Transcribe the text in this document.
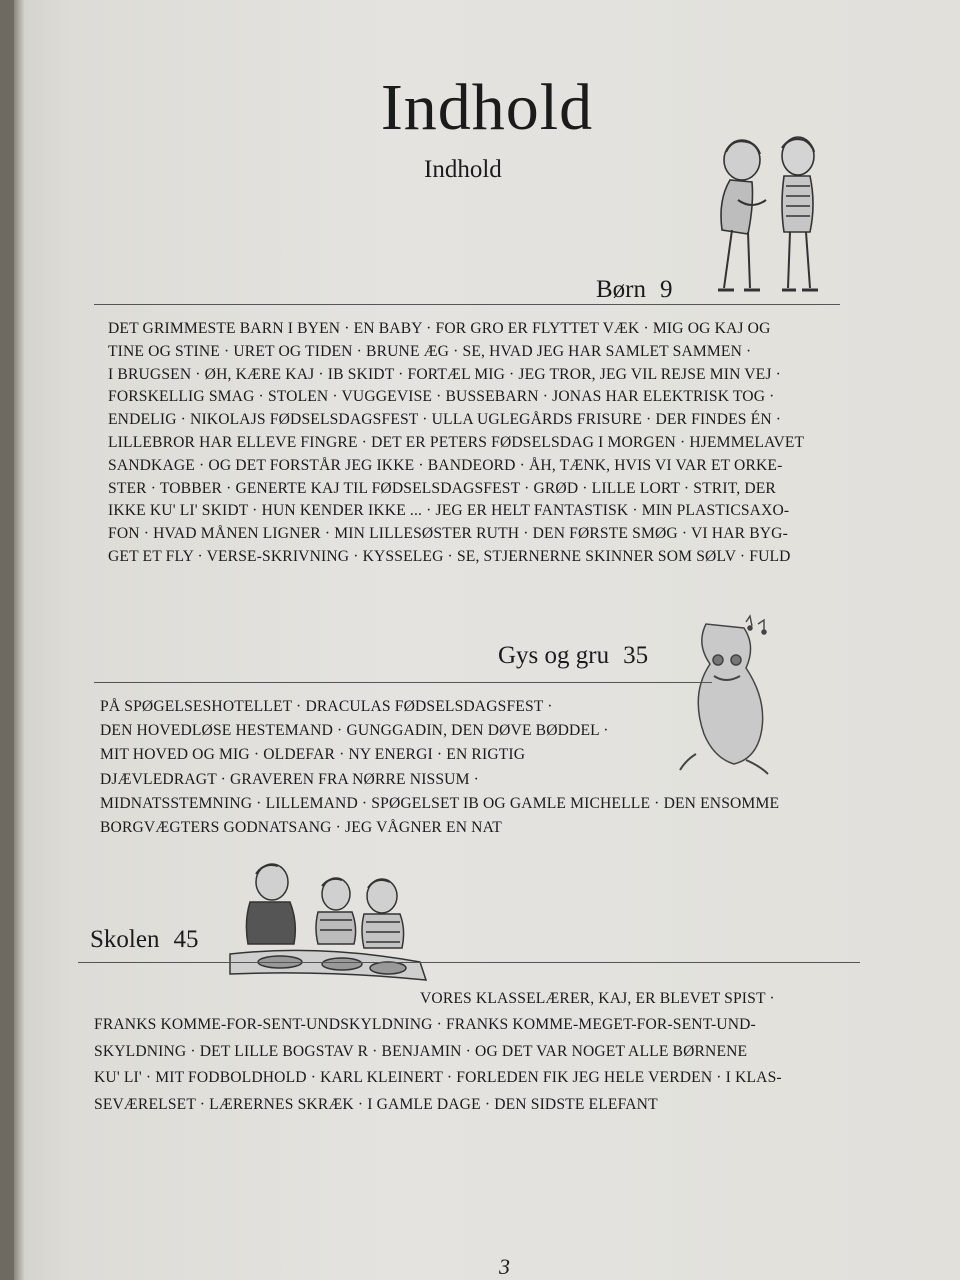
Indhold
Indhold
Børn 9
DET GRIMMESTE BARN I BYEN · EN BABY · FOR GRO ER FLYTTET VÆK · MIG OG KAJ OG
TINE OG STINE · URET OG TIDEN · BRUNE ÆG · SE, HVAD JEG HAR SAMLET SAMMEN ·
I BRUGSEN · ØH, KÆRE KAJ · IB SKIDT · FORTÆL MIG · JEG TROR, JEG VIL REJSE MIN VEJ ·
FORSKELLIG SMAG · STOLEN · VUGGEVISE · BUSSEBARN · JONAS HAR ELEKTRISK TOG ·
ENDELIG · NIKOLAJS FØDSELSDAGSFEST · ULLA UGLEGÅRDS FRISURE · DER FINDES ÉN ·
LILLEBROR HAR ELLEVE FINGRE · DET ER PETERS FØDSELSDAG I MORGEN · HJEMMELAVET
SANDKAGE · OG DET FORSTÅR JEG IKKE · BANDEORD · ÅH, TÆNK, HVIS VI VAR ET ORKE-
STER · TOBBER · GENERTE KAJ TIL FØDSELSDAGSFEST · GRØD · LILLE LORT · STRIT, DER
IKKE KU' LI' SKIDT · HUN KENDER IKKE ... · JEG ER HELT FANTASTISK · MIN PLASTICSAXO-
FON · HVAD MÅNEN LIGNER · MIN LILLESØSTER RUTH · DEN FØRSTE SMØG · VI HAR BYG-
GET ET FLY · VERSE-SKRIVNING · KYSSELEG · SE, STJERNERNE SKINNER SOM SØLV · FULD
Gys og gru 35
PÅ SPØGELSESHOTELLET · DRACULAS FØDSELSDAGSFEST ·
DEN HOVEDLØSE HESTEMAND · GUNGGADIN, DEN DØVE BØDDEL ·
MIT HOVED OG MIG · OLDEFAR · NY ENERGI · EN RIGTIG
DJÆVLEDRAGT · GRAVEREN FRA NØRRE NISSUM ·
MIDNATSSTEMNING · LILLEMAND · SPØGELSET IB OG GAMLE MICHELLE · DEN ENSOMME
BORGVÆGTERS GODNATSANG · JEG VÅGNER EN NAT
Skolen 45
VORES KLASSELÆRER, KAJ, ER BLEVET SPIST ·
FRANKS KOMME-FOR-SENT-UNDSKYLDNING · FRANKS KOMME-MEGET-FOR-SENT-UND-
SKYLDNING · DET LILLE BOGSTAV R · BENJAMIN · OG DET VAR NOGET ALLE BØRNENE
KU' LI' · MIT FODBOLDHOLD · KARL KLEINERT · FORLEDEN FIK JEG HELE VERDEN · I KLAS-
SEVÆRELSET · LÆRERNES SKRÆK · I GAMLE DAGE · DEN SIDSTE ELEFANT
3
